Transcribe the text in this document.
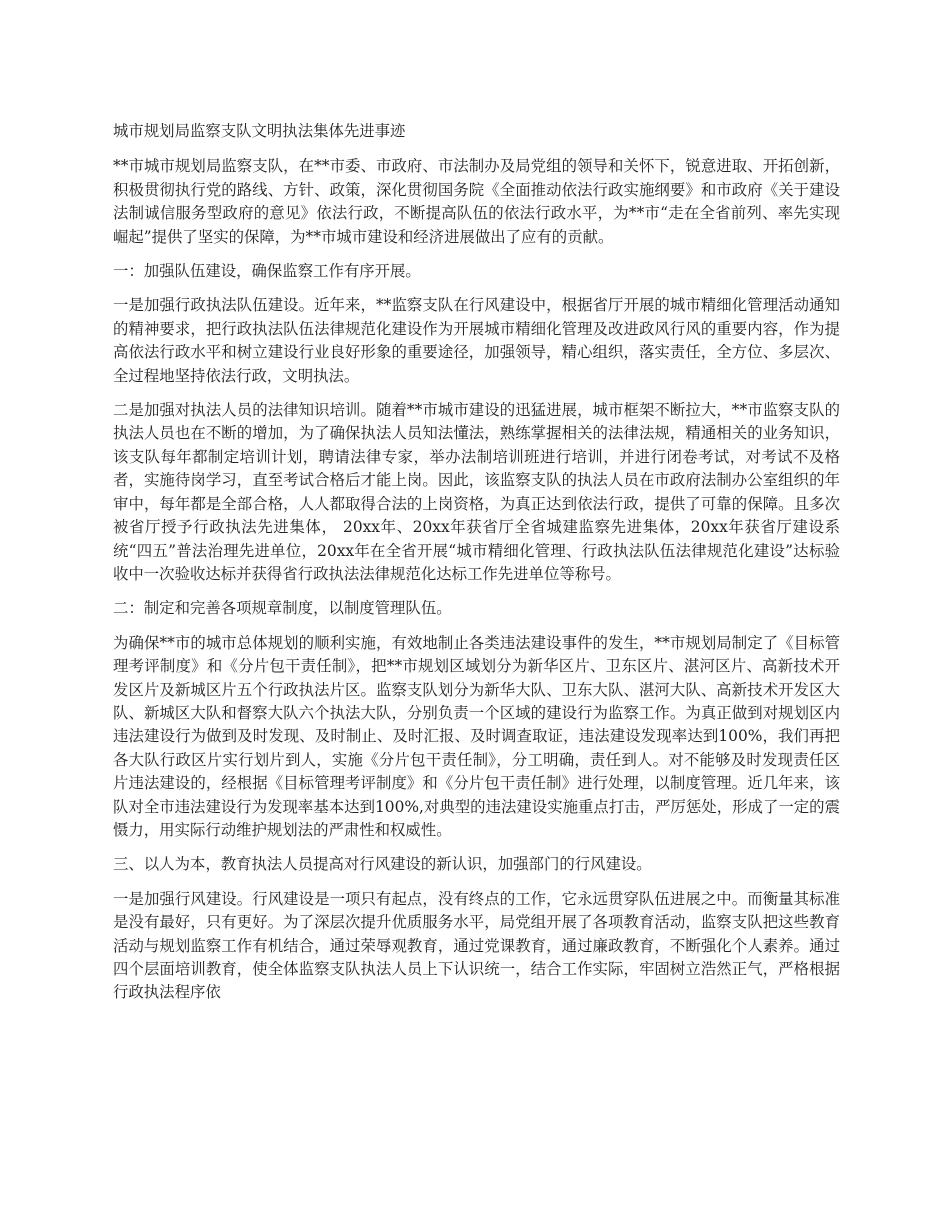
城市规划局监察支队文明执法集体先进事迹
**市城市规划局监察支队，在**市委、市政府、市法制办及局党组的领导和关怀下，锐意进取、开拓创新，积极贯彻执行党的路线、方针、政策，深化贯彻国务院《全面推动依法行政实施纲要》和市政府《关于建设法制诚信服务型政府的意见》依法行政，不断提高队伍的依法行政水平，为**市“走在全省前列、率先实现崛起”提供了坚实的保障，为**市城市建设和经济进展做出了应有的贡献。
一：加强队伍建设，确保监察工作有序开展。
一是加强行政执法队伍建设。近年来，**监察支队在行风建设中，根据省厅开展的城市精细化管理活动通知的精神要求，把行政执法队伍法律规范化建设作为开展城市精细化管理及改进政风行风的重要内容，作为提高依法行政水平和树立建设行业良好形象的重要途径，加强领导，精心组织，落实责任，全方位、多层次、全过程地坚持依法行政，文明执法。
二是加强对执法人员的法律知识培训。随着**市城市建设的迅猛进展，城市框架不断拉大，**市监察支队的执法人员也在不断的增加，为了确保执法人员知法懂法，熟练掌握相关的法律法规，精通相关的业务知识，该支队每年都制定培训计划，聘请法律专家，举办法制培训班进行培训，并进行闭卷考试，对考试不及格者，实施待岗学习，直至考试合格后才能上岗。因此，该监察支队的执法人员在市政府法制办公室组织的年审中，每年都是全部合格，人人都取得合法的上岗资格，为真正达到依法行政，提供了可靠的保障。且多次被省厅授予行政执法先进集体， 20xx年、20xx年获省厅全省城建监察先进集体，20xx年获省厅建设系统“四五”普法治理先进单位，20xx年在全省开展“城市精细化管理、行政执法队伍法律规范化建设”达标验收中一次验收达标并获得省行政执法法律规范化达标工作先进单位等称号。
二：制定和完善各项规章制度，以制度管理队伍。
为确保**市的城市总体规划的顺利实施，有效地制止各类违法建设事件的发生，**市规划局制定了《目标管理考评制度》和《分片包干责任制》，把**市规划区域划分为新华区片、卫东区片、湛河区片、高新技术开发区片及新城区片五个行政执法片区。监察支队划分为新华大队、卫东大队、湛河大队、高新技术开发区大队、新城区大队和督察大队六个执法大队，分别负责一个区域的建设行为监察工作。为真正做到对规划区内违法建设行为做到及时发现、及时制止、及时汇报、及时调查取证，违法建设发现率达到100%，我们再把各大队行政区片实行划片到人，实施《分片包干责任制》，分工明确，责任到人。对不能够及时发现责任区片违法建设的，经根据《目标管理考评制度》和《分片包干责任制》进行处理，以制度管理。近几年来，该队对全市违法建设行为发现率基本达到100%,对典型的违法建设实施重点打击，严厉惩处，形成了一定的震慑力，用实际行动维护规划法的严肃性和权威性。
三、以人为本，教育执法人员提高对行风建设的新认识，加强部门的行风建设。
一是加强行风建设。行风建设是一项只有起点，没有终点的工作，它永远贯穿队伍进展之中。而衡量其标准是没有最好，只有更好。为了深层次提升优质服务水平，局党组开展了各项教育活动，监察支队把这些教育活动与规划监察工作有机结合，通过荣辱观教育，通过党课教育，通过廉政教育，不断强化个人素养。通过四个层面培训教育，使全体监察支队执法人员上下认识统一，结合工作实际，牢固树立浩然正气，严格根据行政执法程序依
